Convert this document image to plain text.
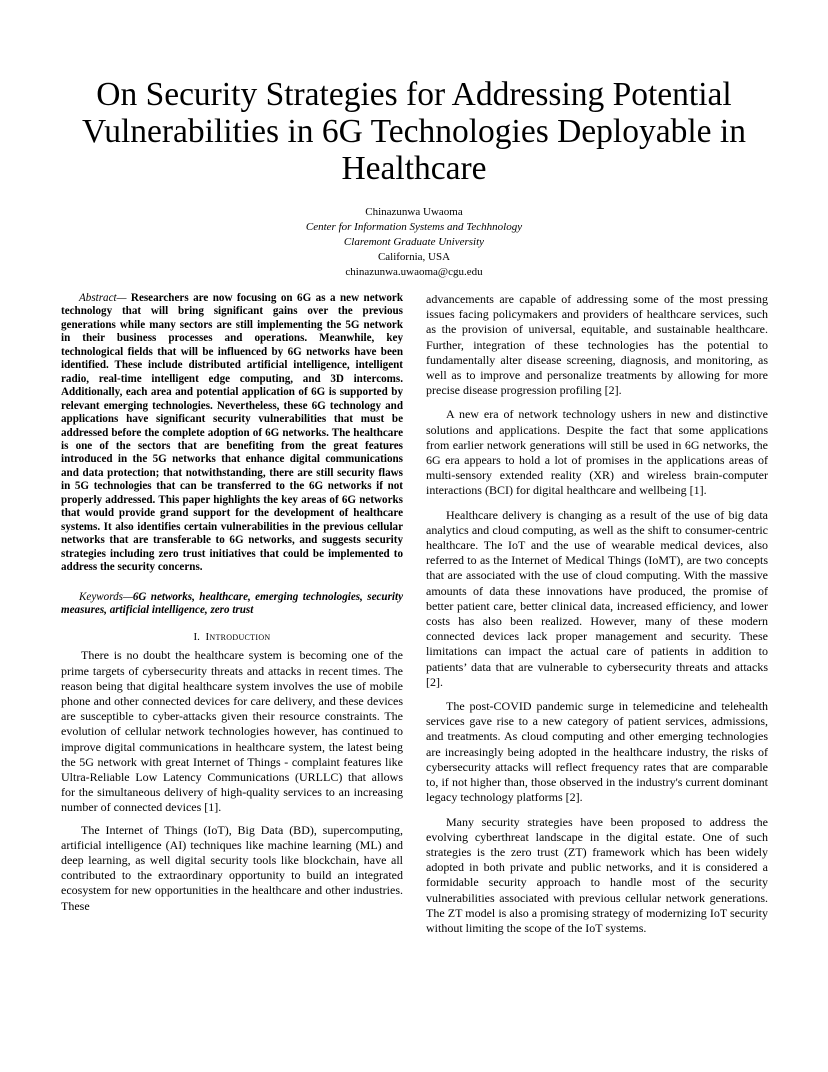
On Security Strategies for Addressing Potential Vulnerabilities in 6G Technologies Deployable in Healthcare
Chinazunwa Uwaoma
Center for Information Systems and Techhnology
Claremont Graduate University
California, USA
chinazunwa.uwaoma@cgu.edu

Abstract— Researchers are now focusing on 6G as a new network technology that will bring significant gains over the previous generations while many sectors are still implementing the 5G network in their business processes and operations. Meanwhile, key technological fields that will be influenced by 6G networks have been identified. These include distributed artificial intelligence, intelligent radio, real-time intelligent edge computing, and 3D intercoms. Additionally, each area and potential application of 6G is supported by relevant emerging technologies. Nevertheless, these 6G technology and applications have significant security vulnerabilities that must be addressed before the complete adoption of 6G networks. The healthcare is one of the sectors that are benefiting from the great features introduced in the 5G networks that enhance digital communications and data protection; that notwithstanding, there are still security flaws in 5G technologies that can be transferred to the 6G networks if not properly addressed. This paper highlights the key areas of 6G networks that would provide grand support for the development of healthcare systems. It also identifies certain vulnerabilities in the previous cellular networks that are transferable to 6G networks, and suggests security strategies including zero trust initiatives that could be implemented to address the security concerns.

Keywords—6G networks, healthcare, emerging technologies, security measures, artificial intelligence, zero trust

I. Introduction

There is no doubt the healthcare system is becoming one of the prime targets of cybersecurity threats and attacks in recent times. The reason being that digital healthcare system involves the use of mobile phone and other connected devices for care delivery, and these devices are susceptible to cyber-attacks given their resource constraints. The evolution of cellular network technologies however, has continued to improve digital communications in healthcare system, the latest being the 5G network with great Internet of Things - complaint features like Ultra-Reliable Low Latency Communications (URLLC) that allows for the simultaneous delivery of high-quality services to an increasing number of connected devices [1].

The Internet of Things (IoT), Big Data (BD), supercomputing, artificial intelligence (AI) techniques like machine learning (ML) and deep learning, as well digital security tools like blockchain, have all contributed to the extraordinary opportunity to build an integrated ecosystem for new opportunities in the healthcare and other industries. These

advancements are capable of addressing some of the most pressing issues facing policymakers and providers of healthcare services, such as the provision of universal, equitable, and sustainable healthcare. Further, integration of these technologies has the potential to fundamentally alter disease screening, diagnosis, and monitoring, as well as to improve and personalize treatments by allowing for more precise disease progression profiling [2].

A new era of network technology ushers in new and distinctive solutions and applications. Despite the fact that some applications from earlier network generations will still be used in 6G networks, the 6G era appears to hold a lot of promises in the applications areas of multi-sensory extended reality (XR) and wireless brain-computer interactions (BCI) for digital healthcare and wellbeing [1].

Healthcare delivery is changing as a result of the use of big data analytics and cloud computing, as well as the shift to consumer-centric healthcare. The IoT and the use of wearable medical devices, also referred to as the Internet of Medical Things (IoMT), are two concepts that are associated with the use of cloud computing. With the massive amounts of data these innovations have produced, the promise of better patient care, better clinical data, increased efficiency, and lower costs has also been realized. However, many of these modern connected devices lack proper management and security. These limitations can impact the actual care of patients in addition to patients’ data that are vulnerable to cybersecurity threats and attacks [2].

The post-COVID pandemic surge in telemedicine and telehealth services gave rise to a new category of patient services, admissions, and treatments. As cloud computing and other emerging technologies are increasingly being adopted in the healthcare industry, the risks of cybersecurity attacks will reflect frequency rates that are comparable to, if not higher than, those observed in the industry's current dominant legacy technology platforms [2].

Many security strategies have been proposed to address the evolving cyberthreat landscape in the digital estate. One of such strategies is the zero trust (ZT) framework which has been widely adopted in both private and public networks, and it is considered a formidable security approach to handle most of the security vulnerabilities associated with previous cellular network generations. The ZT model is also a promising strategy of modernizing IoT security without limiting the scope of the IoT systems.
